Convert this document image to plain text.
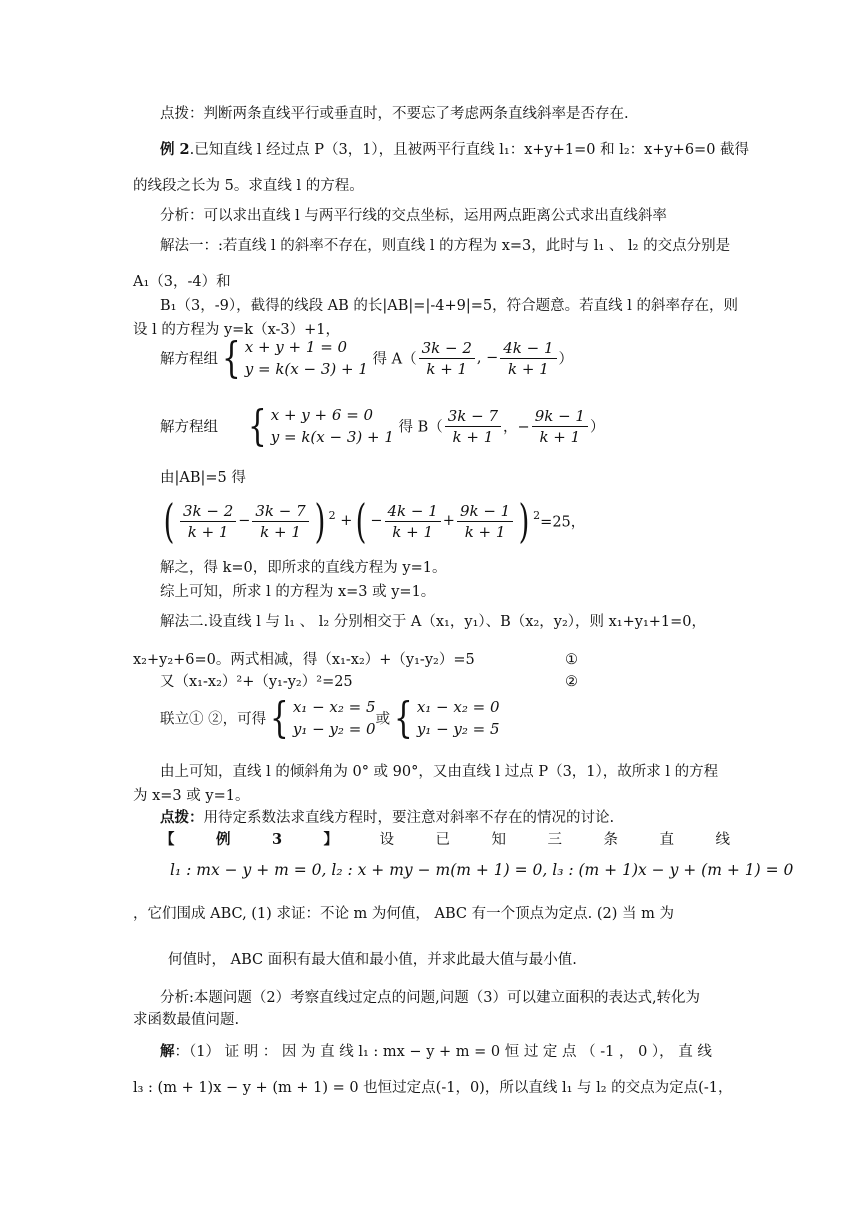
点拨：判断两条直线平行或垂直时，不要忘了考虑两条直线斜率是否存在.
例 2.已知直线 l 经过点 P（3，1），且被两平行直线 l₁：x+y+1=0 和 l₂：x+y+6=0 截得
的线段之长为 5。求直线 l 的方程。
分析：可以求出直线 l 与两平行线的交点坐标，运用两点距离公式求出直线斜率
解法一：:若直线 l 的斜率不存在，则直线 l 的方程为 x=3，此时与 l₁ 、 l₂ 的交点分别是
A₁（3，-4）和
B₁（3，-9），截得的线段 AB 的长|AB|=|-4+9|=5，符合题意。若直线 l 的斜率存在，则
设 l 的方程为 y=k（x-3）+1，
解方程组{ x + y + 1 = 0
y = k(x − 3) + 1
得 $A( \frac{3k - 2}{k + 1}$ , − $\frac{4k - 1}{k + 1}$ ）
解方程组 { x + y + 6 = 0
y = k(x − 3) + 1
得 $B( \frac{3k - 7}{k + 1}$ ，− $\frac{9k - 1}{k + 1}$ ）
由|AB|=5 得
( $\frac{3k - 2}{k + 1} - \frac{3k - 7}{k + 1}$ ) $^2$ +( − $\frac{4k - 1}{k + 1} + \frac{9k - 1}{k + 1}$ ) $^2$=25，
解之，得 k=0，即所求的直线方程为 y=1。
综上可知，所求 l 的方程为 x=3 或 y=1。
解法二.设直线 l 与 l₁ 、 l₂ 分别相交于 A（x₁，y₁）、B（x₂，y₂），则 x₁+y₁+1=0，
x₂+y₂+6=0。两式相减，得（x₁-x₂）+（y₁-y₂）=5	①
又（x₁-x₂）²+（y₁-y₂）²=25	②
联立① ②，可得{ x₁ − x₂ = 5
y₁ − y₂ = 0
或{ x₁ − x₂ = 0
y₁ − y₂ = 5
由上可知，直线 l 的倾斜角为 0° 或 90°，又由直线 l 过点 P（3，1），故所求 l 的方程
为 x=3 或 y=1。
点拨：用待定系数法求直线方程时，要注意对斜率不存在的情况的讨论.
【	例	3	】	设	已	知	三	条	直	线
l₁ : mx − y + m = 0, l₂ : x + my − m(m + 1) = 0, l₃ : (m + 1)x − y + (m + 1) = 0
，它们围成 ABC, (1) 求证：不论 m 为何值， ABC 有一个顶点为定点. (2) 当 m 为
何值时， ABC 面积有最大值和最小值，并求此最大值与最小值.
分析:本题问题（2）考察直线过定点的问题,问题（3）可以建立面积的表达式,转化为
求函数最值问题.
解：（1） 证 明 ： 因 为 直 线 l₁ : mx − y + m = 0 恒 过 定 点 （ -1 ， 0 ）， 直 线
l₃ : (m + 1)x − y + (m + 1) = 0 也恒过定点(-1，0)，所以直线 l₁ 与 l₂ 的交点为定点(-1，
